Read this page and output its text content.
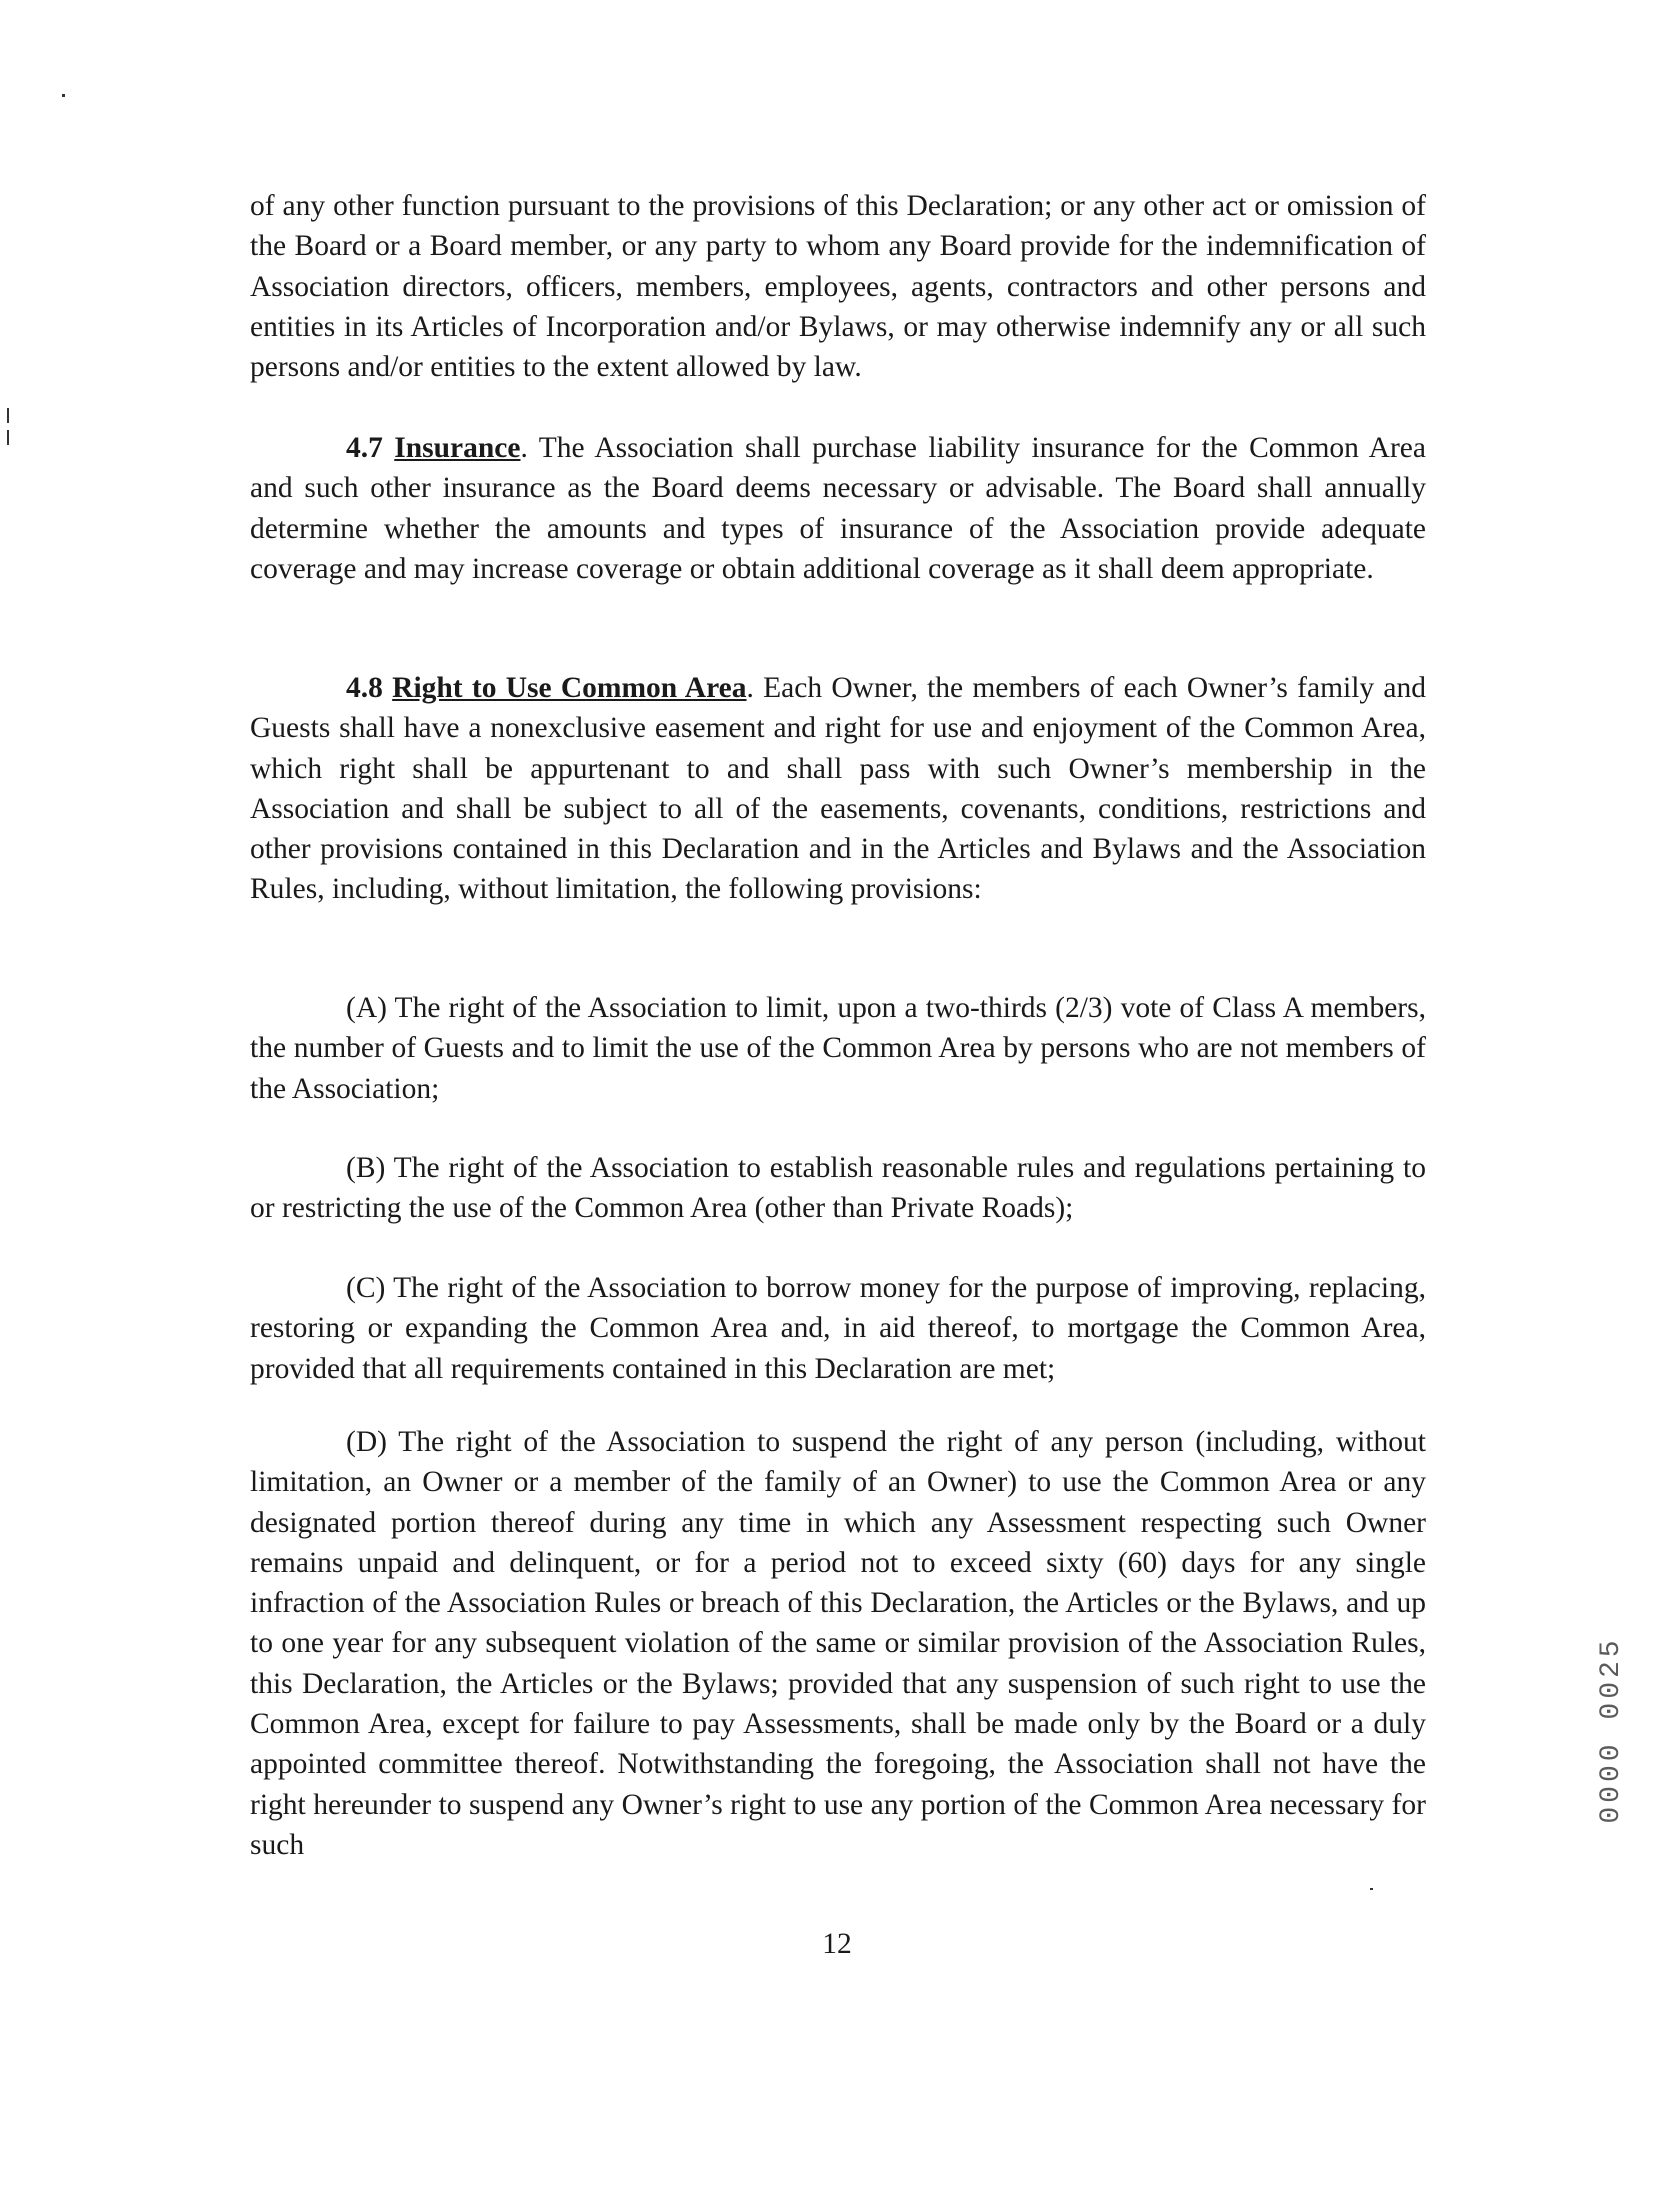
of any other function pursuant to the provisions of this Declaration; or any other act or omission of the Board or a Board member, or any party to whom any Board provide for the indemnification of Association directors, officers, members, employees, agents, contractors and other persons and entities in its Articles of Incorporation and/or Bylaws, or may otherwise indemnify any or all such persons and/or entities to the extent allowed by law.

4.7 Insurance. The Association shall purchase liability insurance for the Common Area and such other insurance as the Board deems necessary or advisable. The Board shall annually determine whether the amounts and types of insurance of the Association provide adequate coverage and may increase coverage or obtain additional coverage as it shall deem appropriate.

4.8 Right to Use Common Area. Each Owner, the members of each Owner’s family and Guests shall have a nonexclusive easement and right for use and enjoyment of the Common Area, which right shall be appurtenant to and shall pass with such Owner’s membership in the Association and shall be subject to all of the easements, covenants, conditions, restrictions and other provisions contained in this Declaration and in the Articles and Bylaws and the Association Rules, including, without limitation, the following provisions:

(A) The right of the Association to limit, upon a two-thirds (2/3) vote of Class A members, the number of Guests and to limit the use of the Common Area by persons who are not members of the Association;

(B) The right of the Association to establish reasonable rules and regulations pertaining to or restricting the use of the Common Area (other than Private Roads);

(C) The right of the Association to borrow money for the purpose of improving, replacing, restoring or expanding the Common Area and, in aid thereof, to mortgage the Common Area, provided that all requirements contained in this Declaration are met;

(D) The right of the Association to suspend the right of any person (including, without limitation, an Owner or a member of the family of an Owner) to use the Common Area or any designated portion thereof during any time in which any Assessment respecting such Owner remains unpaid and delinquent, or for a period not to exceed sixty (60) days for any single infraction of the Association Rules or breach of this Declaration, the Articles or the Bylaws, and up to one year for any subsequent violation of the same or similar provision of the Association Rules, this Declaration, the Articles or the Bylaws; provided that any suspension of such right to use the Common Area, except for failure to pay Assessments, shall be made only by the Board or a duly appointed committee thereof. Notwithstanding the foregoing, the Association shall not have the right hereunder to suspend any Owner’s right to use any portion of the Common Area necessary for such

0000 0025
12
